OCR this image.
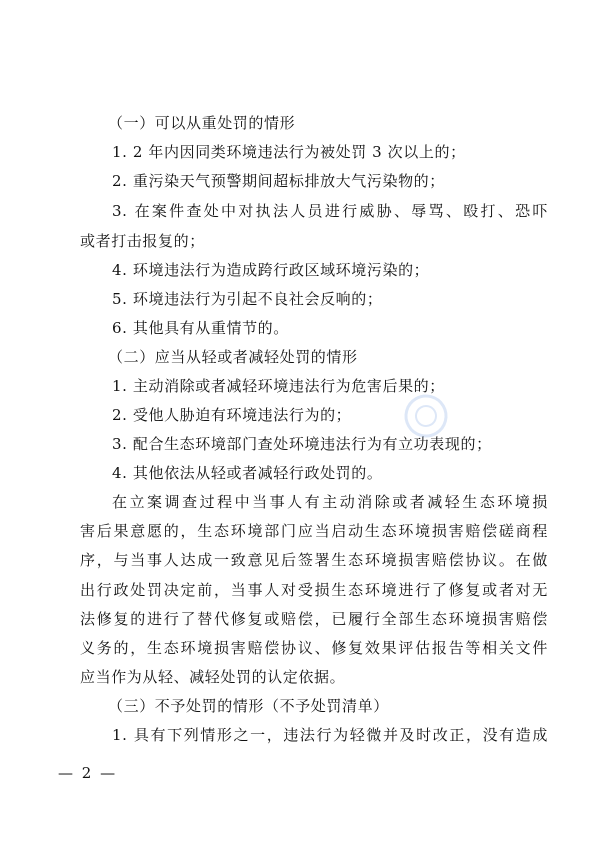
（一）可以从重处罚的情形
1. 2 年内因同类环境违法行为被处罚 3 次以上的；
2. 重污染天气预警期间超标排放大气污染物的；
3. 在案件查处中对执法人员进行威胁、辱骂、殴打、恐吓
或者打击报复的；
4. 环境违法行为造成跨行政区域环境污染的；
5. 环境违法行为引起不良社会反响的；
6. 其他具有从重情节的。
（二）应当从轻或者减轻处罚的情形
1. 主动消除或者减轻环境违法行为危害后果的；
2. 受他人胁迫有环境违法行为的；
3. 配合生态环境部门查处环境违法行为有立功表现的；
4. 其他依法从轻或者减轻行政处罚的。
在立案调查过程中当事人有主动消除或者减轻生态环境损
害后果意愿的，生态环境部门应当启动生态环境损害赔偿磋商程
序，与当事人达成一致意见后签署生态环境损害赔偿协议。在做
出行政处罚决定前，当事人对受损生态环境进行了修复或者对无
法修复的进行了替代修复或赔偿，已履行全部生态环境损害赔偿
义务的，生态环境损害赔偿协议、修复效果评估报告等相关文件
应当作为从轻、减轻处罚的认定依据。
（三）不予处罚的情形（不予处罚清单）
1. 具有下列情形之一，违法行为轻微并及时改正，没有造成
— 2 —
